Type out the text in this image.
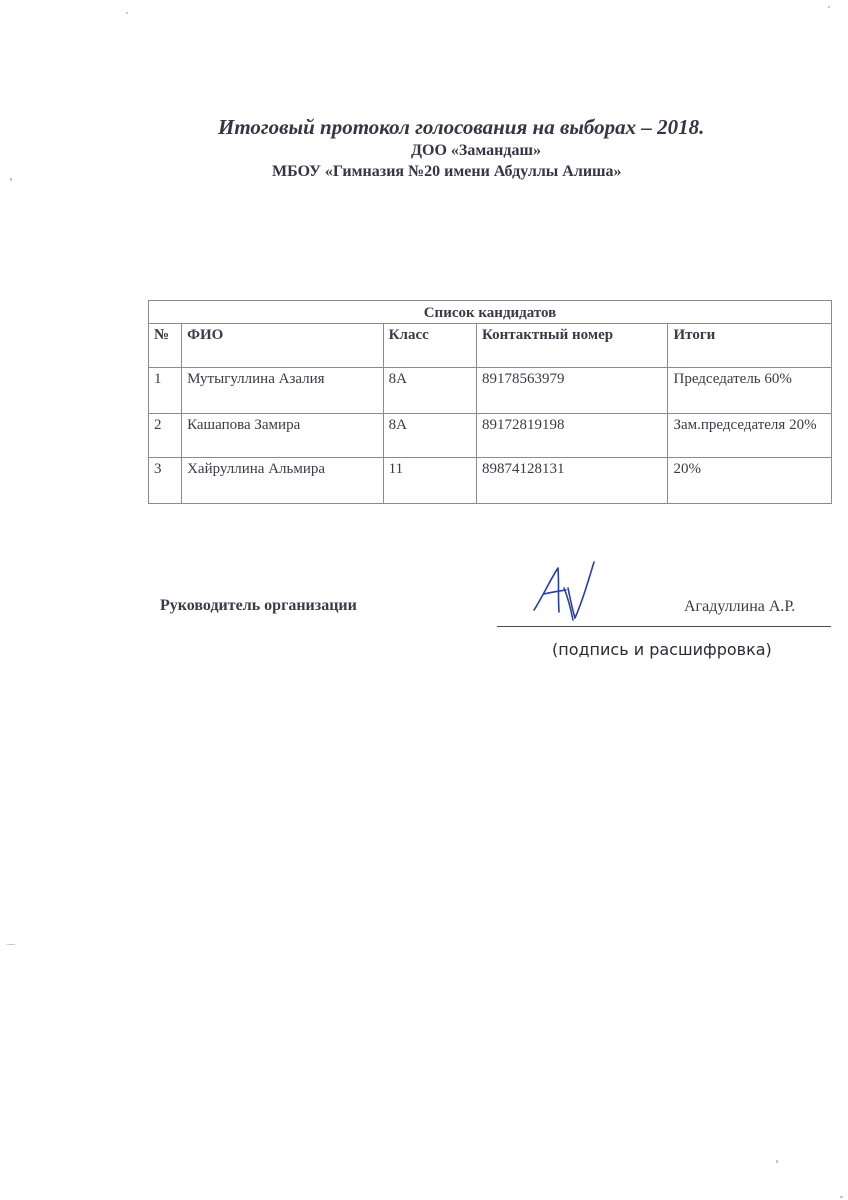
Итоговый протокол голосования на выборах – 2018.
ДОО «Замандаш»
МБОУ «Гимназия №20 имени Абдуллы Алиша»
Список кандидатов				
№	ФИО	Класс	Контактный номер	Итоги
1	Мутыгуллина Азалия	8А	89178563979	Председатель 60%
2	Кашапова Замира	8А	89172819198	Зам.председателя 20%
3	Хайруллина Альмира	11	89874128131	20%
Руководитель организации	Агадуллина А.Р.
(подпись и расшифровка)
